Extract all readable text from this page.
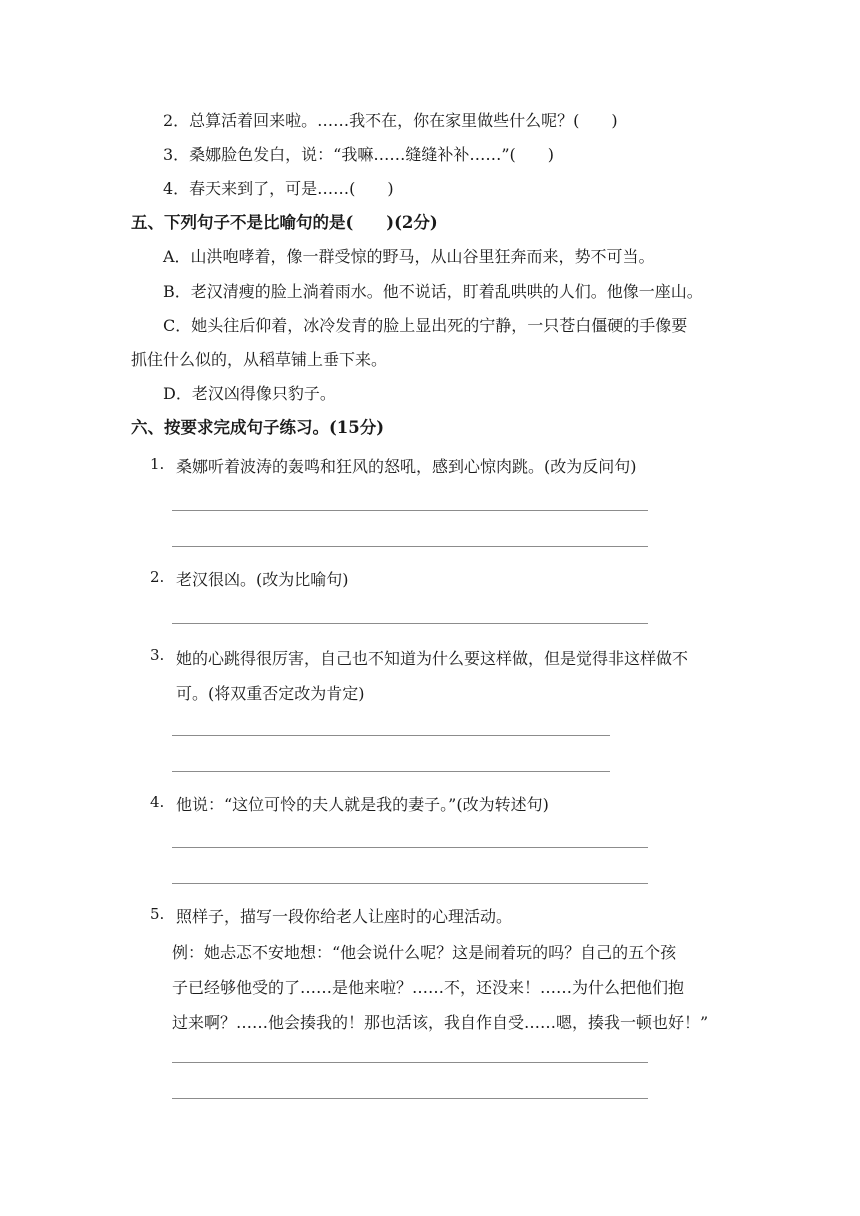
2．总算活着回来啦。……我不在，你在家里做些什么呢？(　　)
3．桑娜脸色发白，说：“我嘛……缝缝补补……”(　　)
4．春天来到了，可是……(　　)
五、下列句子不是比喻句的是(　　)(2分)
A．山洪咆哮着，像一群受惊的野马，从山谷里狂奔而来，势不可当。
B．老汉清瘦的脸上淌着雨水。他不说话，盯着乱哄哄的人们。他像一座山。
C．她头往后仰着，冰冷发青的脸上显出死的宁静，一只苍白僵硬的手像要
抓住什么似的，从稻草铺上垂下来。
D．老汉凶得像只豹子。
六、按要求完成句子练习。(15分)
1. 桑娜听着波涛的轰鸣和狂风的怒吼，感到心惊肉跳。(改为反问句)
2. 老汉很凶。(改为比喻句)
3. 她的心跳得很厉害，自己也不知道为什么要这样做，但是觉得非这样做不
可。(将双重否定改为肯定)
4. 他说：“这位可怜的夫人就是我的妻子。”(改为转述句)
5. 照样子，描写一段你给老人让座时的心理活动。
例：她忐忑不安地想：“他会说什么呢？这是闹着玩的吗？自己的五个孩
子已经够他受的了……是他来啦？……不，还没来！……为什么把他们抱
过来啊？……他会揍我的！那也活该，我自作自受……嗯，揍我一顿也好！”
